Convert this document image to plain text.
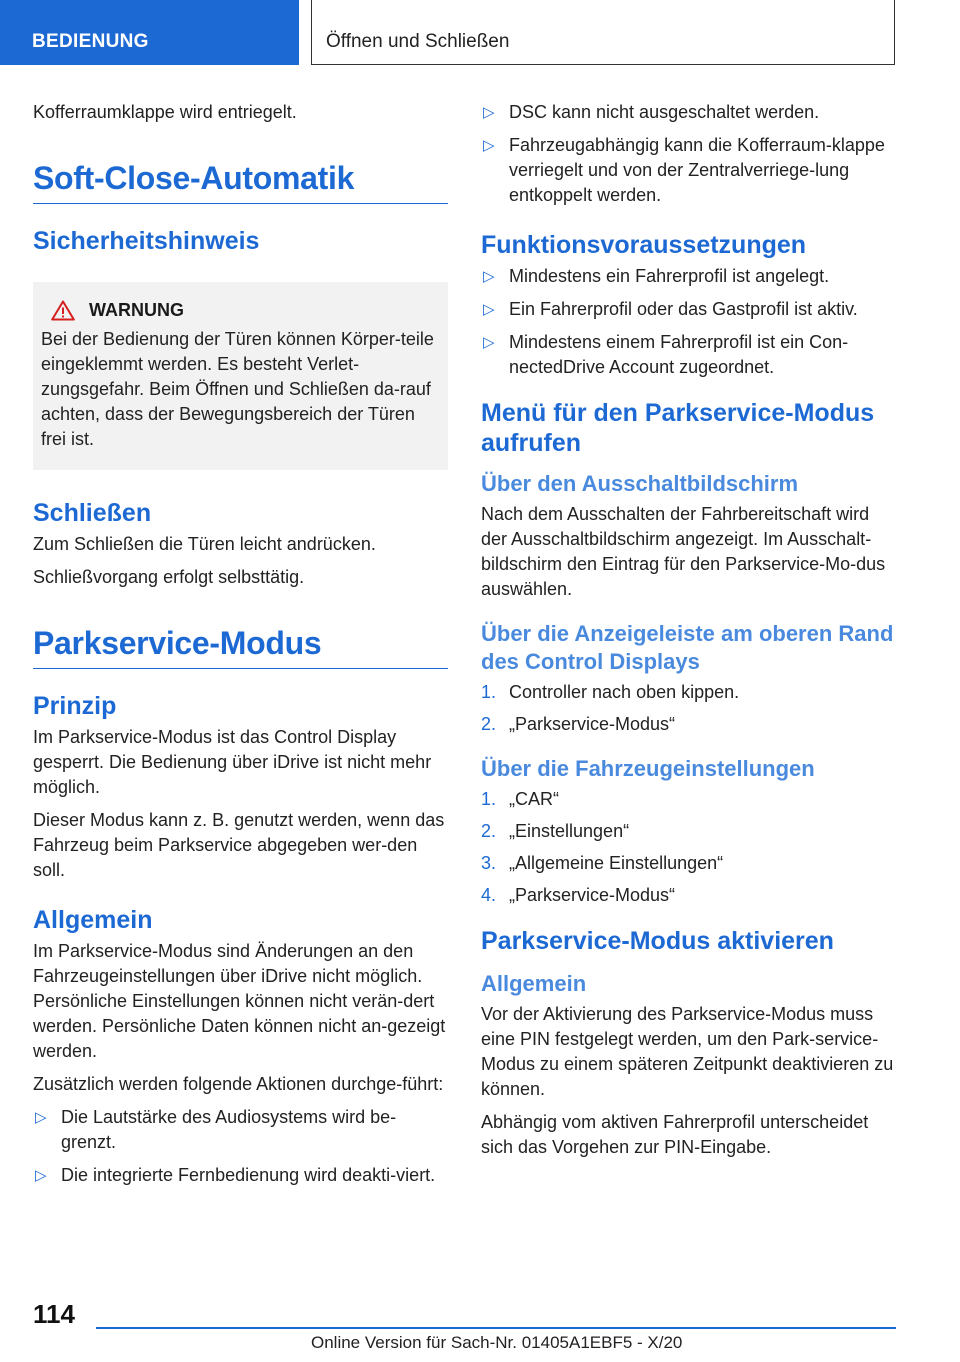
BEDIENUNG	Öffnen und Schließen

Kofferraumklappe wird entriegelt.

Soft-Close-Automatik
Sicherheitshinweis
WARNUNG
Bei der Bedienung der Türen können Körper-teile eingeklemmt werden. Es besteht Verlet-zungsgefahr. Beim Öffnen und Schließen da-rauf achten, dass der Bewegungsbereich der Türen frei ist.
Schließen

Zum Schließen die Türen leicht andrücken.

Schließvorgang erfolgt selbsttätig.

Parkservice-Modus
Prinzip

Im Parkservice-Modus ist das Control Display gesperrt. Die Bedienung über iDrive ist nicht mehr möglich.

Dieser Modus kann z. B. genutzt werden, wenn das Fahrzeug beim Parkservice abgegeben wer-den soll.

Allgemein

Im Parkservice-Modus sind Änderungen an den Fahrzeugeinstellungen über iDrive nicht möglich. Persönliche Einstellungen können nicht verän-dert werden. Persönliche Daten können nicht an-gezeigt werden.

Zusätzlich werden folgende Aktionen durchge-führt:

▷ Die Lautstärke des Audiosystems wird be-grenzt.
▷ Die integrierte Fernbedienung wird deakti-viert.
▷ DSC kann nicht ausgeschaltet werden.
▷ Fahrzeugabhängig kann die Kofferraum-klappe verriegelt und von der Zentralverriege-lung entkoppelt werden.
Funktionsvoraussetzungen
▷ Mindestens ein Fahrerprofil ist angelegt.
▷ Ein Fahrerprofil oder das Gastprofil ist aktiv.
▷ Mindestens einem Fahrerprofil ist ein Con-nectedDrive Account zugeordnet.
Menü für den Parkservice-Modus aufrufen
Über den Ausschaltbildschirm

Nach dem Ausschalten der Fahrbereitschaft wird der Ausschaltbildschirm angezeigt. Im Ausschalt-bildschirm den Eintrag für den Parkservice-Mo-dus auswählen.

Über die Anzeigeleiste am oberen Rand des Control Displays
1. Controller nach oben kippen.
2. „Parkservice-Modus“
Über die Fahrzeugeinstellungen
1. „CAR“
2. „Einstellungen“
3. „Allgemeine Einstellungen“
4. „Parkservice-Modus“
Parkservice-Modus aktivieren
Allgemein

Vor der Aktivierung des Parkservice-Modus muss eine PIN festgelegt werden, um den Park-service-Modus zu einem späteren Zeitpunkt deaktivieren zu können.

Abhängig vom aktiven Fahrerprofil unterscheidet sich das Vorgehen zur PIN-Eingabe.

114
Online Version für Sach-Nr. 01405A1EBF5 - X/20
